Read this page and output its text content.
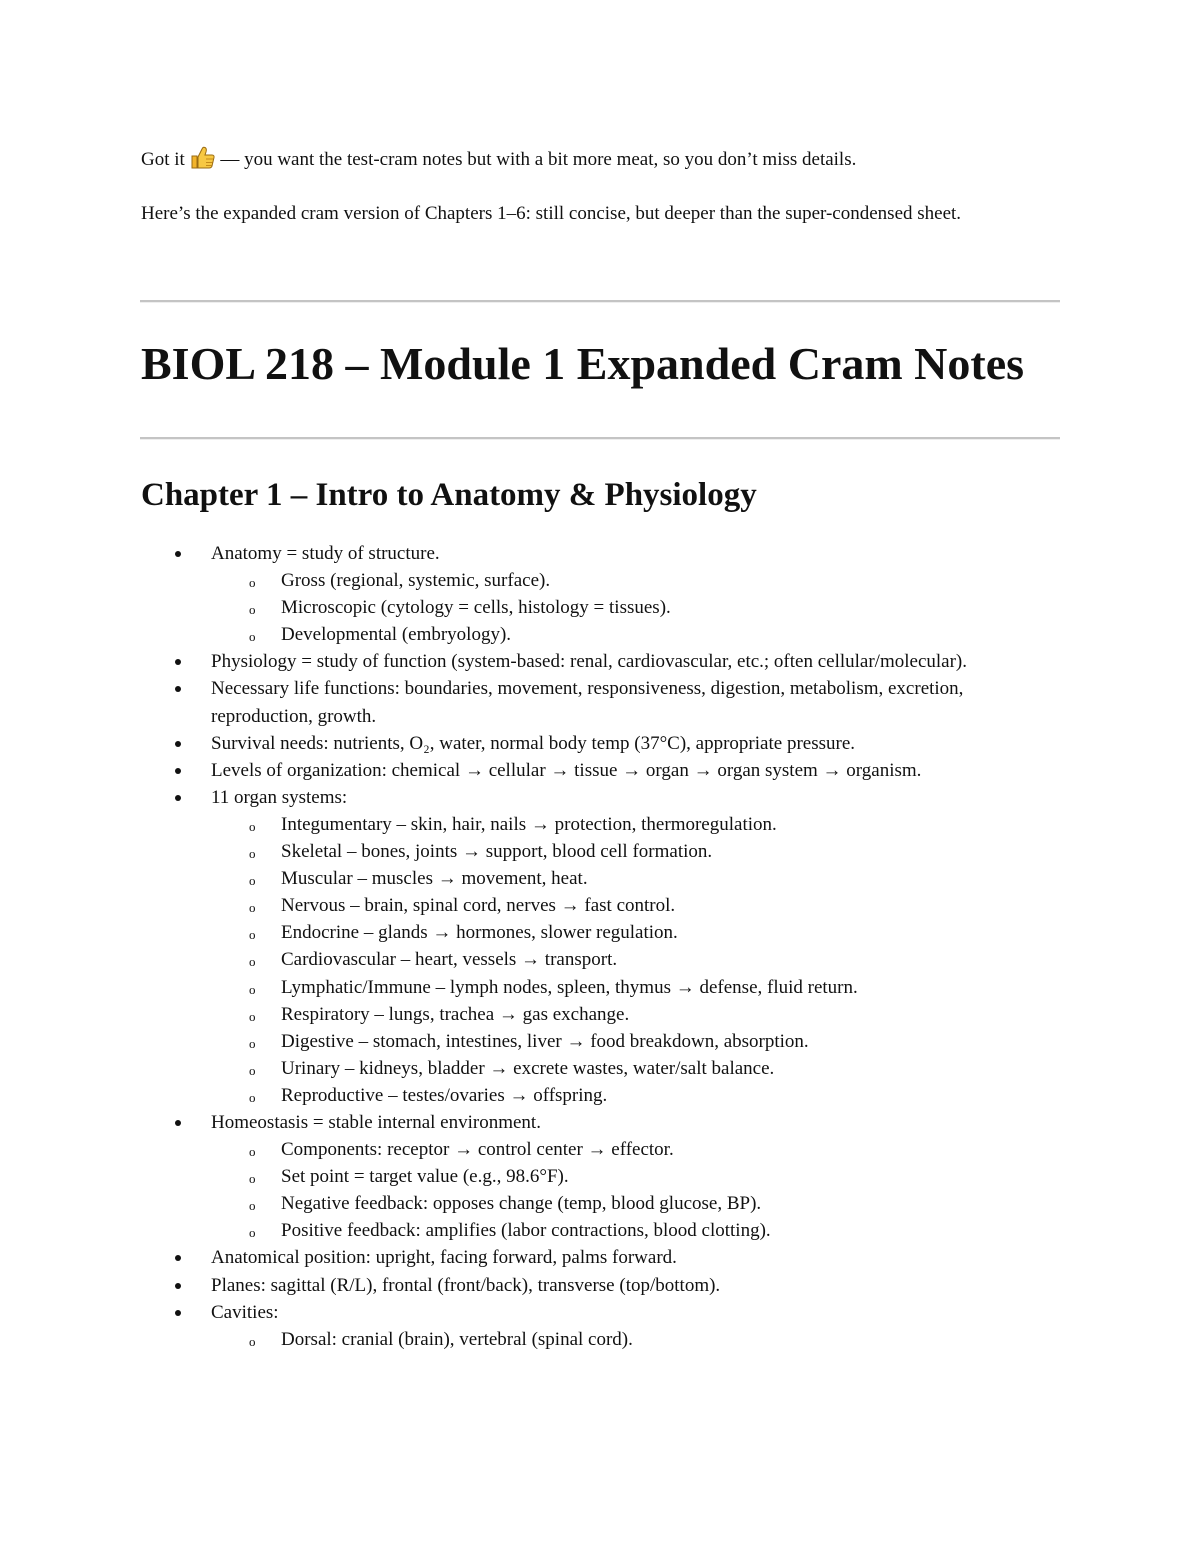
Got it  — you want the test-cram notes but with a bit more meat, so you don’t miss details.

Here’s the expanded cram version of Chapters 1–6: still concise, but deeper than the super-condensed sheet.

BIOL 218 – Module 1 Expanded Cram Notes
Chapter 1 – Intro to Anatomy & Physiology
Anatomy = study of structure.
o Gross (regional, systemic, surface).
o Microscopic (cytology = cells, histology = tissues).
o Developmental (embryology).
Physiology = study of function (system-based: renal, cardiovascular, etc.; often cellular/molecular).
Necessary life functions: boundaries, movement, responsiveness, digestion, metabolism, excretion, reproduction, growth.
Survival needs: nutrients, O₂, water, normal body temp (37°C), appropriate pressure.
Levels of organization: chemical → cellular → tissue → organ → organ system → organism.
11 organ systems:
o Integumentary – skin, hair, nails → protection, thermoregulation.
o Skeletal – bones, joints → support, blood cell formation.
o Muscular – muscles → movement, heat.
o Nervous – brain, spinal cord, nerves → fast control.
o Endocrine – glands → hormones, slower regulation.
o Cardiovascular – heart, vessels → transport.
o Lymphatic/Immune – lymph nodes, spleen, thymus → defense, fluid return.
o Respiratory – lungs, trachea → gas exchange.
o Digestive – stomach, intestines, liver → food breakdown, absorption.
o Urinary – kidneys, bladder → excrete wastes, water/salt balance.
o Reproductive – testes/ovaries → offspring.
Homeostasis = stable internal environment.
o Components: receptor → control center → effector.
o Set point = target value (e.g., 98.6°F).
o Negative feedback: opposes change (temp, blood glucose, BP).
o Positive feedback: amplifies (labor contractions, blood clotting).
Anatomical position: upright, facing forward, palms forward.
Planes: sagittal (R/L), frontal (front/back), transverse (top/bottom).
Cavities:
o Dorsal: cranial (brain), vertebral (spinal cord).
